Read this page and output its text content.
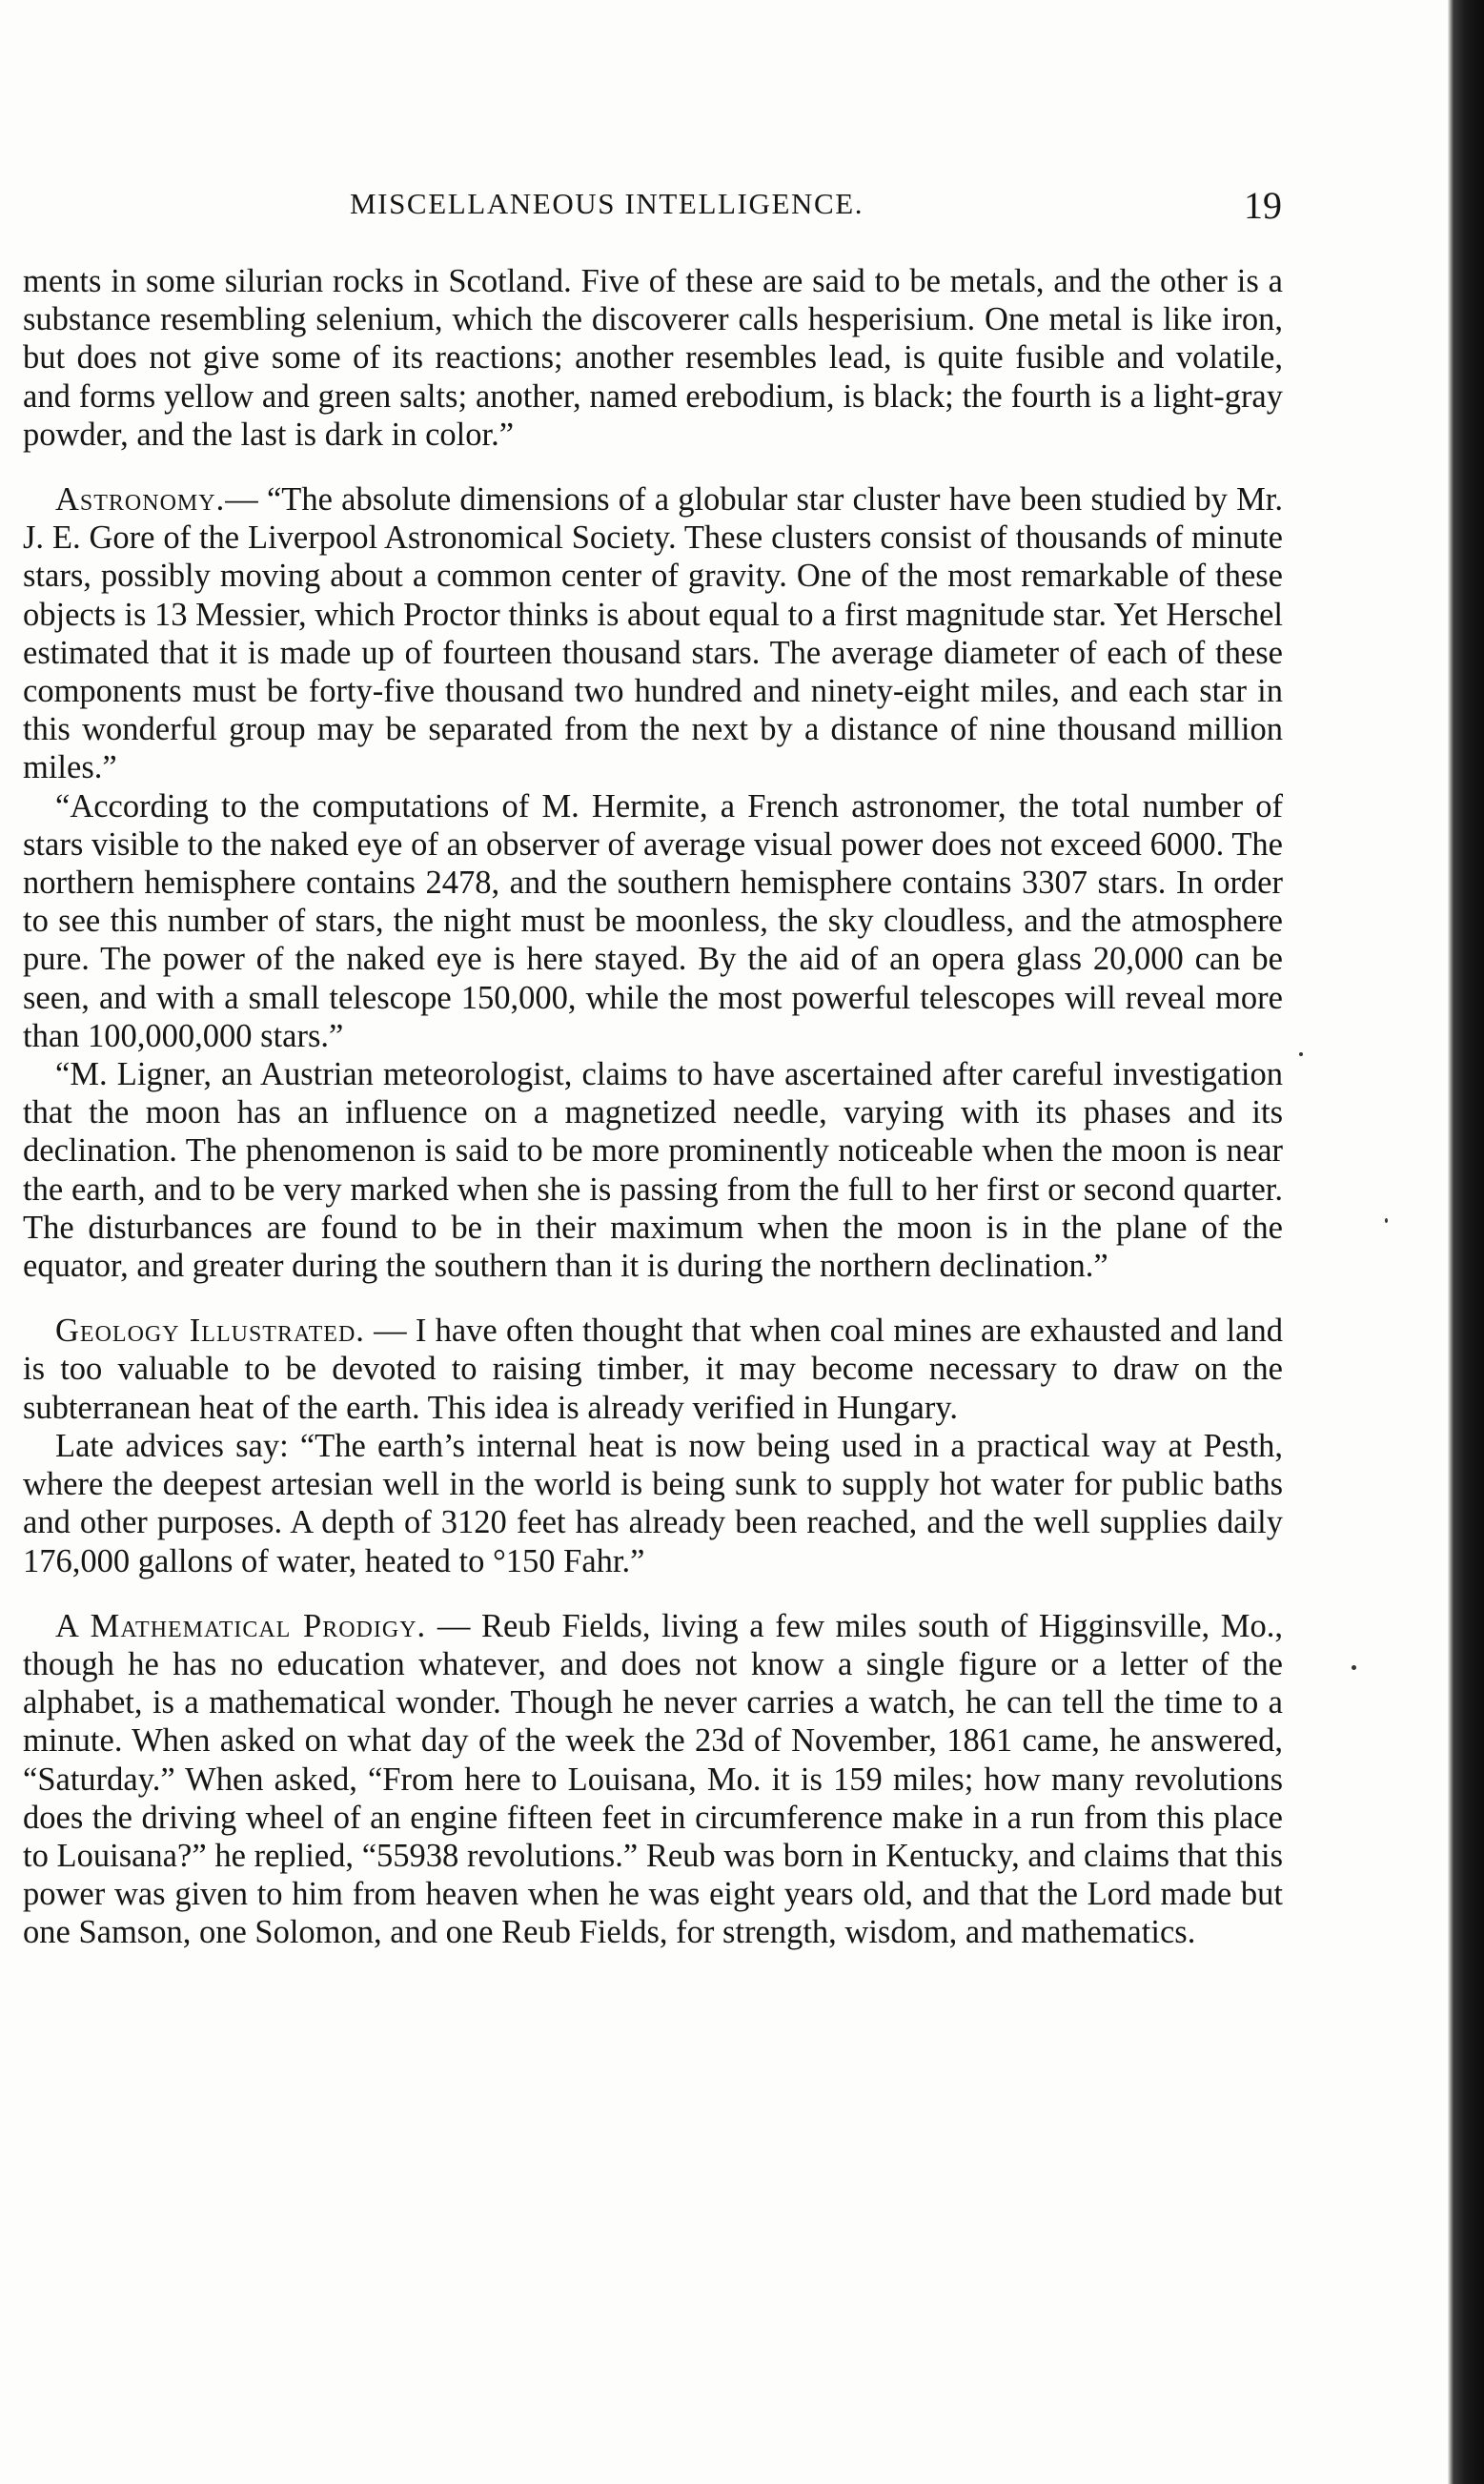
MISCELLANEOUS INTELLIGENCE.	19

ments in some silurian rocks in Scotland. Five of these are said to be metals, and the other is a substance resembling selenium, which the discoverer calls hesperisium. One metal is like iron, but does not give some of its reactions; another resembles lead, is quite fusible and volatile, and forms yellow and green salts; another, named erebodium, is black; the fourth is a light-gray powder, and the last is dark in color.”

Astronomy.— “The absolute dimensions of a globular star cluster have been studied by Mr. J. E. Gore of the Liverpool Astronomical Society. These clusters consist of thousands of minute stars, possibly moving about a common center of gravity. One of the most remarkable of these objects is 13 Messier, which Proctor thinks is about equal to a first magnitude star. Yet Herschel estimated that it is made up of fourteen thousand stars. The average diameter of each of these components must be forty-five thousand two hundred and ninety-eight miles, and each star in this wonderful group may be separated from the next by a distance of nine thousand million miles.”

“According to the computations of M. Hermite, a French astronomer, the total number of stars visible to the naked eye of an observer of average visual power does not exceed 6000. The northern hemisphere contains 2478, and the southern hemisphere contains 3307 stars. In order to see this number of stars, the night must be moonless, the sky cloudless, and the atmosphere pure. The power of the naked eye is here stayed. By the aid of an opera glass 20,000 can be seen, and with a small telescope 150,000, while the most powerful telescopes will reveal more than 100,000,000 stars.”

“M. Ligner, an Austrian meteorologist, claims to have ascertained after careful investigation that the moon has an influence on a magnetized needle, varying with its phases and its declination. The phenomenon is said to be more prominently noticeable when the moon is near the earth, and to be very marked when she is passing from the full to her first or second quarter. The disturbances are found to be in their maximum when the moon is in the plane of the equator, and greater during the southern than it is during the northern declination.”

Geology Illustrated. — I have often thought that when coal mines are exhausted and land is too valuable to be devoted to raising timber, it may become necessary to draw on the subterranean heat of the earth. This idea is already verified in Hungary.

Late advices say: “The earth’s internal heat is now being used in a practical way at Pesth, where the deepest artesian well in the world is being sunk to supply hot water for public baths and other purposes. A depth of 3120 feet has already been reached, and the well supplies daily 176,000 gallons of water, heated to °150 Fahr.”

A Mathematical Prodigy. — Reub Fields, living a few miles south of Higginsville, Mo., though he has no education whatever, and does not know a single figure or a letter of the alphabet, is a mathematical wonder. Though he never carries a watch, he can tell the time to a minute. When asked on what day of the week the 23d of November, 1861 came, he answered, “Saturday.” When asked, “From here to Louisana, Mo. it is 159 miles; how many revolutions does the driving wheel of an engine fifteen feet in circumference make in a run from this place to Louisana?” he replied, “55938 revolutions.” Reub was born in Kentucky, and claims that this power was given to him from heaven when he was eight years old, and that the Lord made but one Samson, one Solomon, and one Reub Fields, for strength, wisdom, and mathematics.
